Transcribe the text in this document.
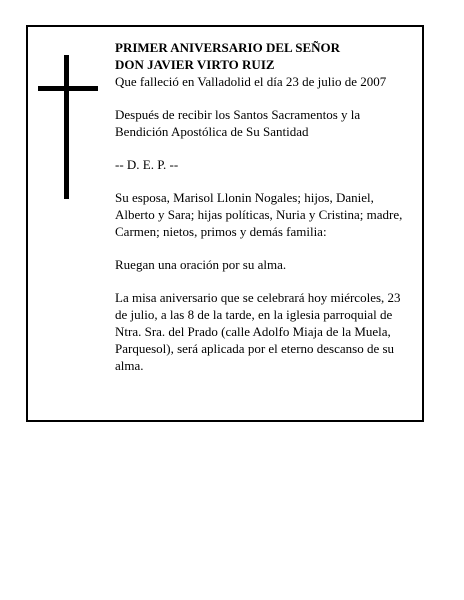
PRIMER ANIVERSARIO DEL SEÑOR

DON JAVIER VIRTO RUIZ

Que falleció en Valladolid el día 23 de julio de 2007

Después de recibir los Santos Sacramentos y la Bendición Apostólica de Su Santidad

-- D. E. P. --

Su esposa, Marisol Llonin Nogales; hijos, Daniel, Alberto y Sara; hijas políticas, Nuria y Cristina; madre, Carmen; nietos, primos y demás familia:

Ruegan una oración por su alma.

La misa aniversario que se celebrará hoy miércoles, 23 de julio, a las 8 de la tarde, en la iglesia parroquial de Ntra. Sra. del Prado (calle Adolfo Miaja de la Muela, Parquesol), será aplicada por el eterno descanso de su alma.
